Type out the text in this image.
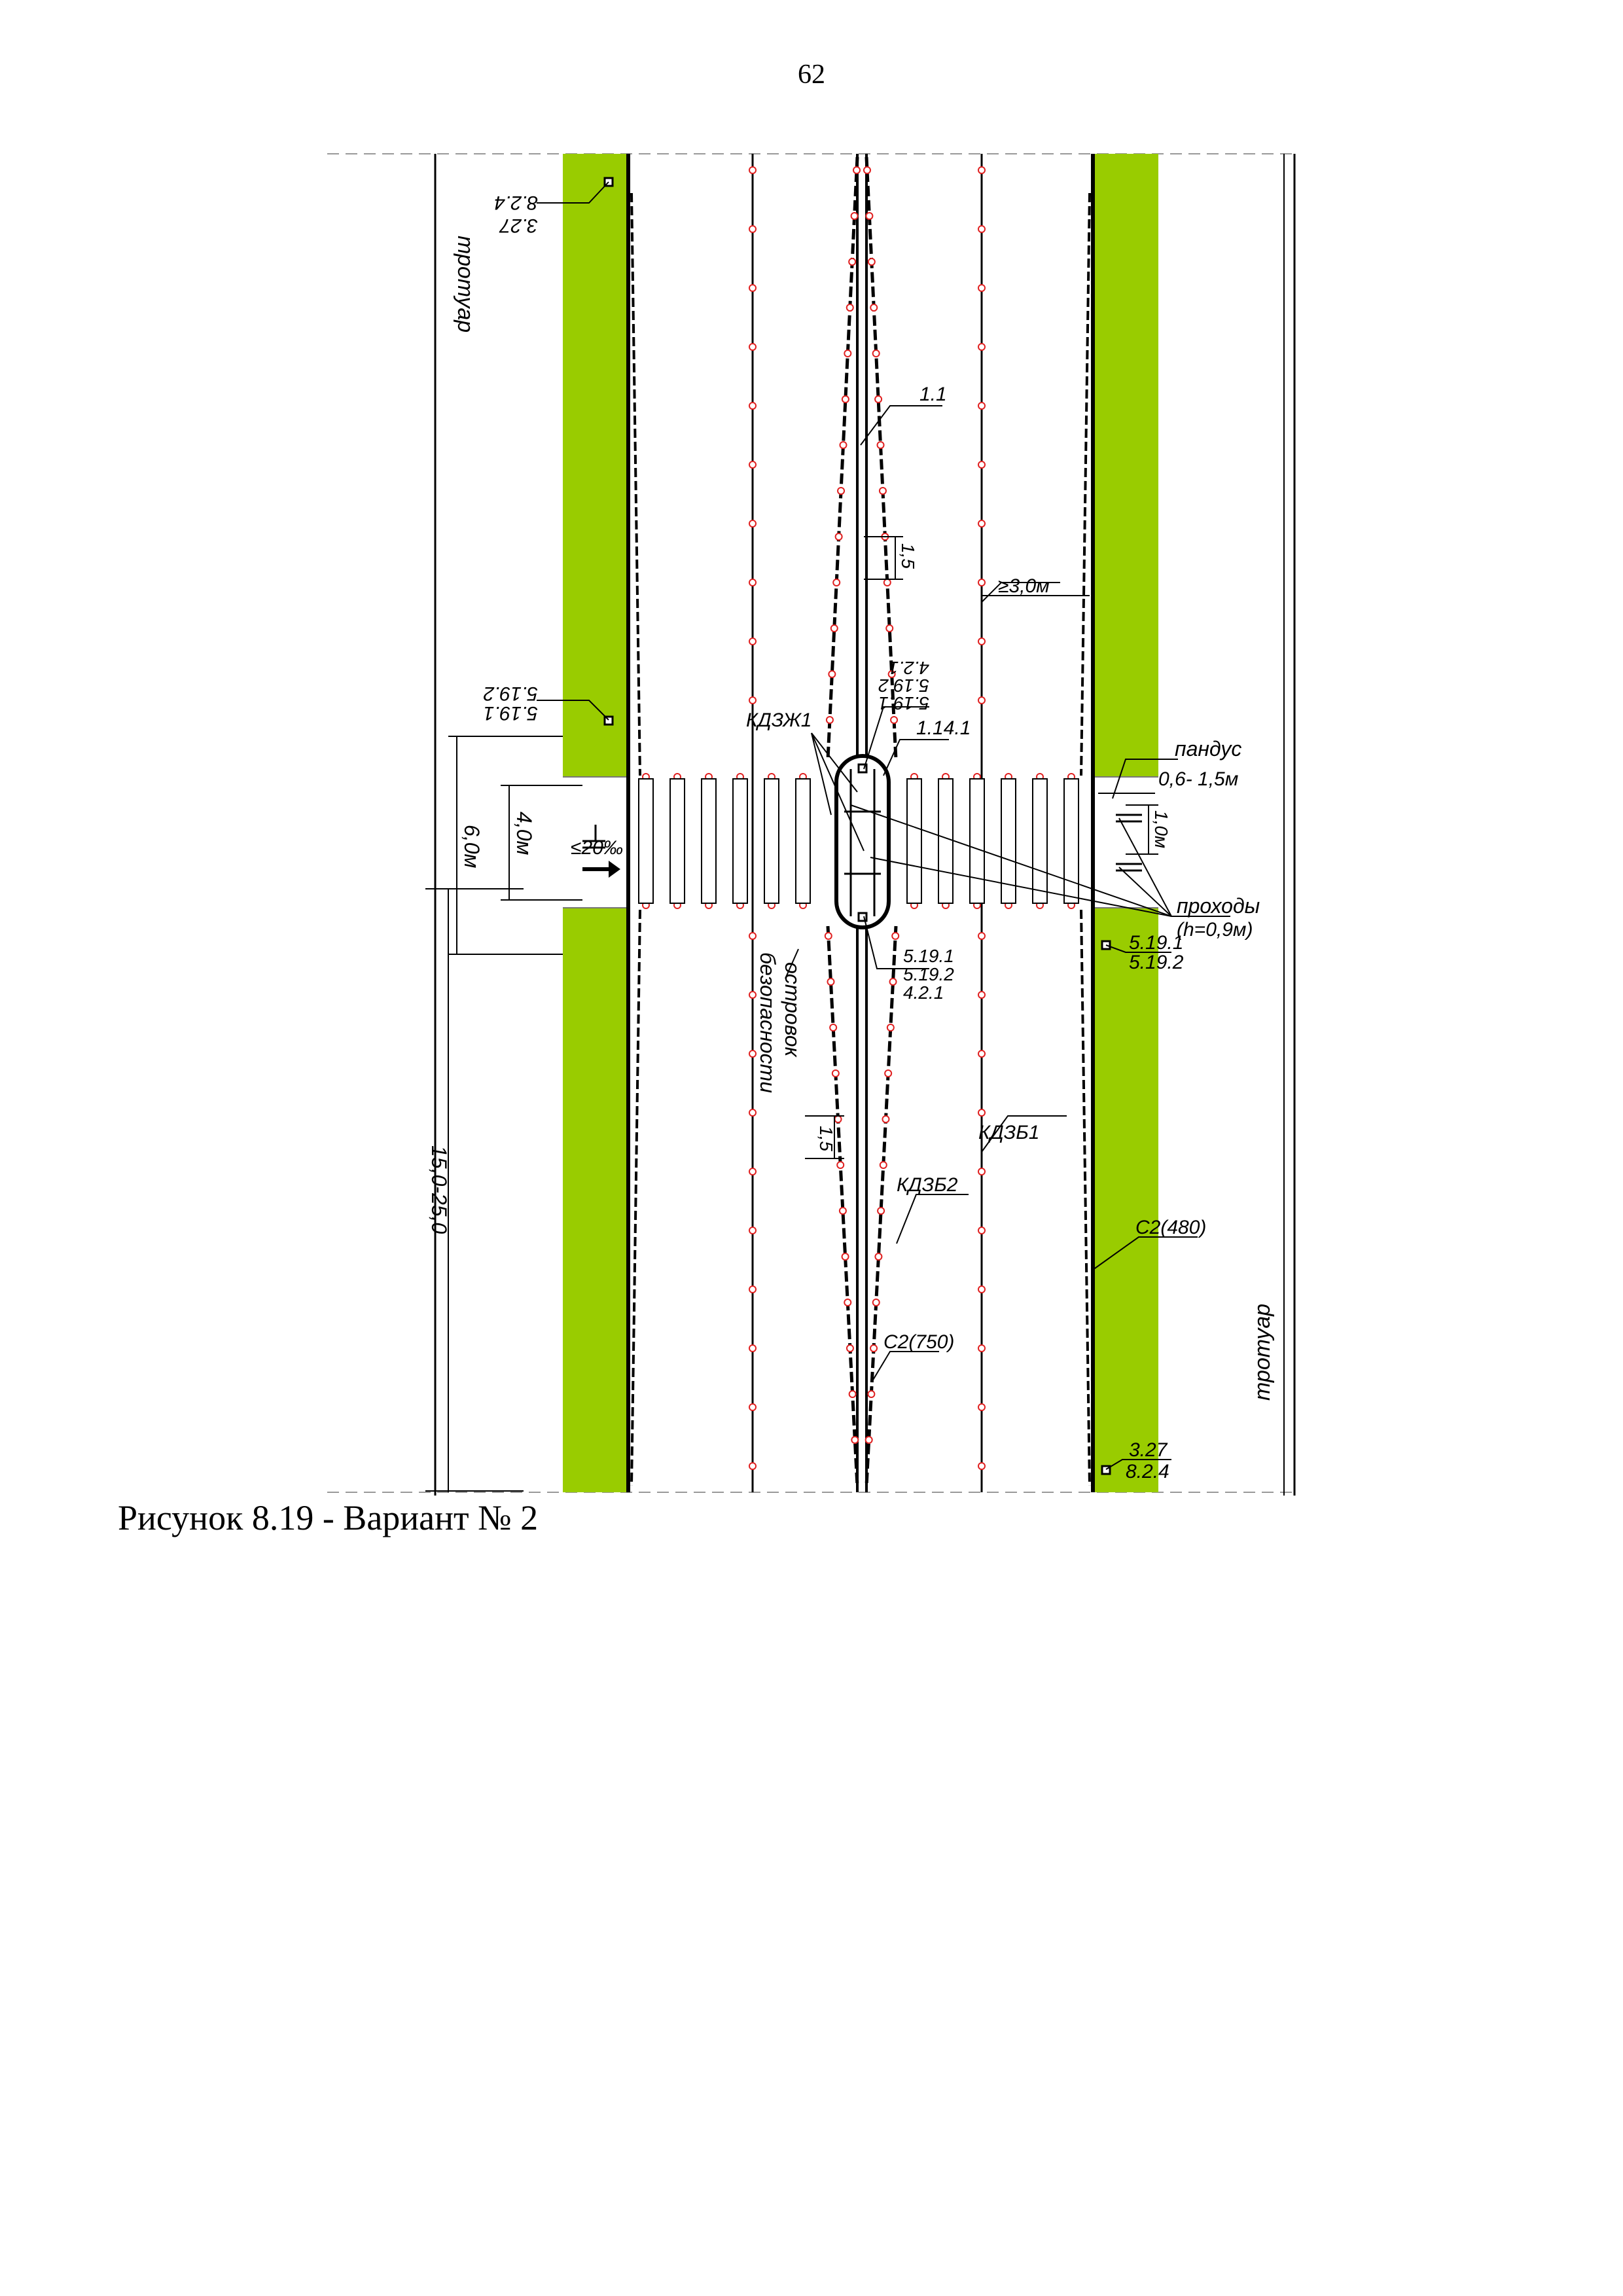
62
тротуар
тротуар
3.27
8.2.4
5.19.1
5.19.2	5.19.1
5.19.2
4.2.1
5.19.1
5.19.2
4.2.1
5.19.1
5.19.2
3.27
8.2.4
1.1
1.14.1
1,5
1,5
≥3,0м
КДЗЖ1
КДЗБ1
КДЗБ2
С2(480)
С2(750)
пандус
0,6- 1,5м
1,0м
проходы
(h=0,9м)
4,0м
6,0м	≤20‰
островок
безопасности
15,0-25,0
Рисунок 8.19 - Вариант № 2
